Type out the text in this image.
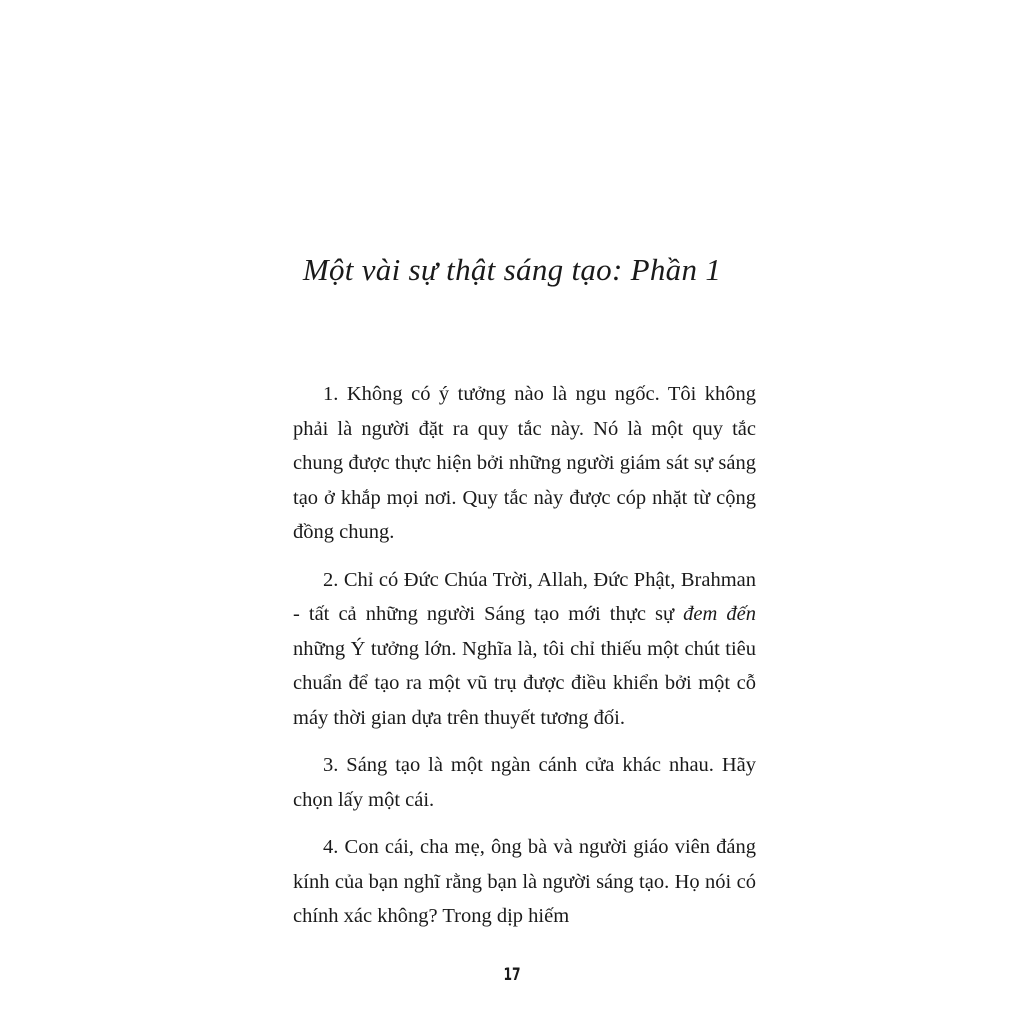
Một vài sự thật sáng tạo: Phần 1

1. Không có ý tưởng nào là ngu ngốc. Tôi không phải là người đặt ra quy tắc này. Nó là một quy tắc chung được thực hiện bởi những người giám sát sự sáng tạo ở khắp mọi nơi. Quy tắc này được cóp nhặt từ cộng đồng chung.

2. Chỉ có Đức Chúa Trời, Allah, Đức Phật, Brahman - tất cả những người Sáng tạo mới thực sự đem đến những Ý tưởng lớn. Nghĩa là, tôi chỉ thiếu một chút tiêu chuẩn để tạo ra một vũ trụ được điều khiển bởi một cỗ máy thời gian dựa trên thuyết tương đối.

3. Sáng tạo là một ngàn cánh cửa khác nhau. Hãy chọn lấy một cái.

4. Con cái, cha mẹ, ông bà và người giáo viên đáng kính của bạn nghĩ rằng bạn là người sáng tạo. Họ nói có chính xác không? Trong dịp hiếm

17
